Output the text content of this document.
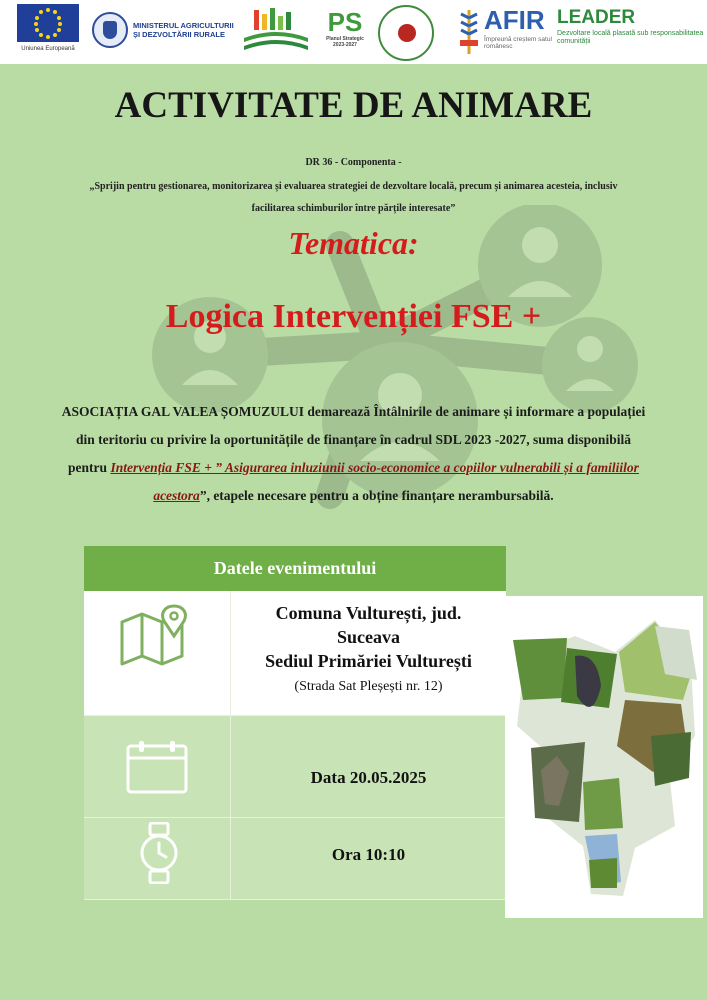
Uniunea Europeană
MINISTERUL AGRICULTURII
ȘI DEZVOLTĂRII RURALE	PS
Planul Strategic
2023-2027
AFIR
Împreună creștem satul românesc
LEADER
Dezvoltare locală plasată sub responsabilitatea comunității
ACTIVITATE DE ANIMARE
DR 36 - Componenta -
„Sprijin pentru gestionarea, monitorizarea și evaluarea strategiei de dezvoltare locală, precum și animarea acesteia, inclusiv facilitarea schimburilor între părțile interesate”
Tematica:
Logica Intervenției FSE +
ASOCIAȚIA GAL VALEA ȘOMUZULUI demarează Întâlnirile de animare și informare a populației din teritoriu cu privire la oportunitățile de finanțare în cadrul SDL 2023 -2027, suma disponibilă pentru Intervenția FSE + ” Asigurarea inluziunii socio-economice a copiilor vulnerabili și a familiilor acestora”, etapele necesare pentru a obține finanțare nerambursabilă.
Datele evenimentului
Comuna Vulturești, jud.
Suceava
Sediul Primăriei Vulturești
(Strada Sat Pleșești nr. 12)
Data 20.05.2025
Ora 10:10
